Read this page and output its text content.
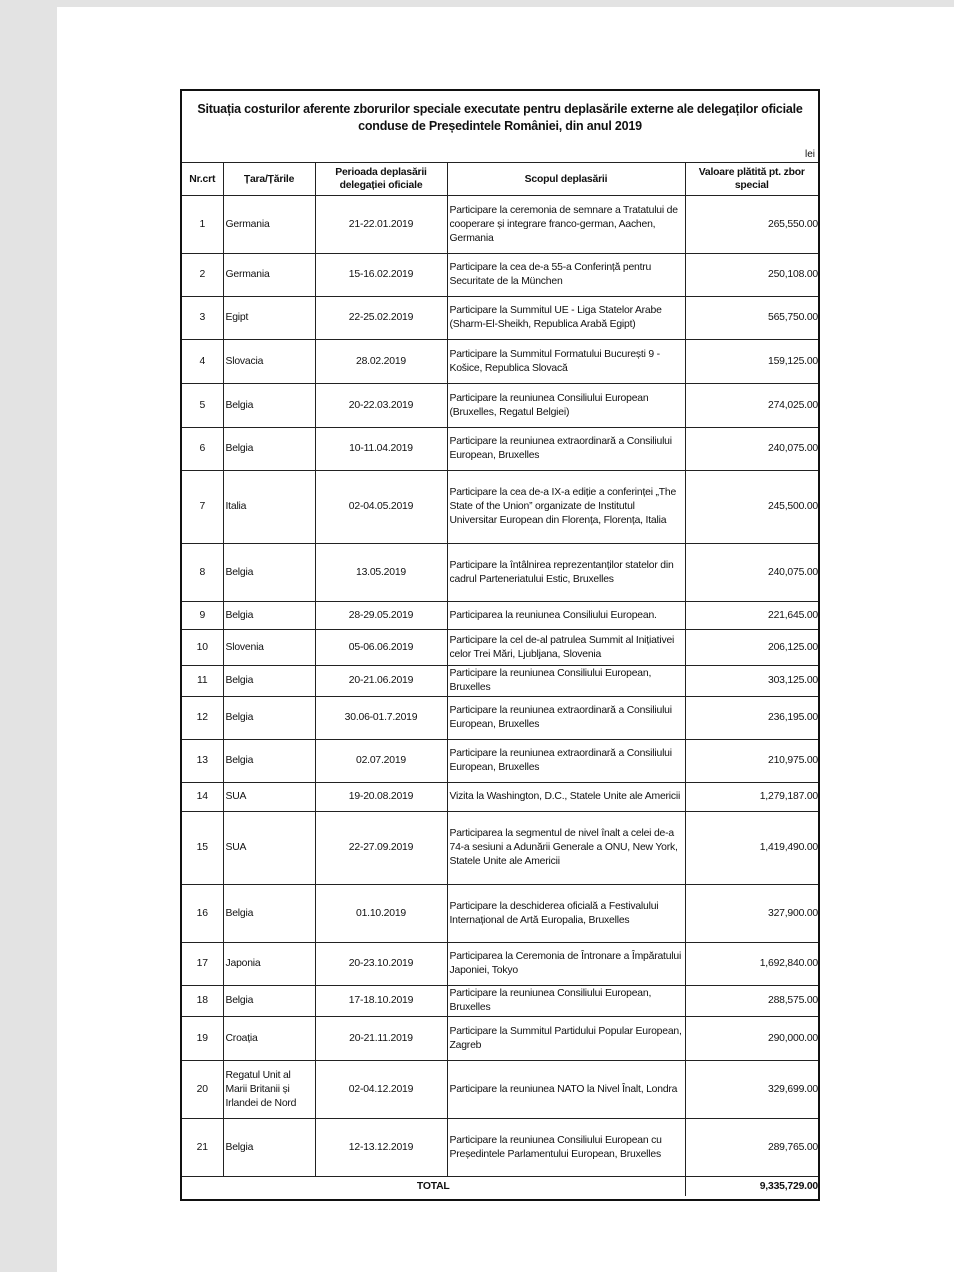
Situația costurilor aferente zborurilor speciale executate pentru deplasările externe ale delegaților oficiale conduse de Președintele României, din anul 2019
lei
Nr.crt	Țara/Țările	Perioada deplasării delegației oficiale	Scopul deplasării	Valoare plătită pt. zbor special
1	Germania	21-22.01.2019	Participare la ceremonia de semnare a Tratatului de cooperare și integrare franco-german, Aachen, Germania	265,550.00
2	Germania	15-16.02.2019	Participare la cea de-a 55-a Conferință pentru Securitate de la München	250,108.00
3	Egipt	22-25.02.2019	Participare la Summitul UE - Liga Statelor Arabe (Sharm-El-Sheikh, Republica Arabă Egipt)	565,750.00
4	Slovacia	28.02.2019	Participare la Summitul Formatului București 9 - Košice, Republica Slovacă	159,125.00
5	Belgia	20-22.03.2019	Participare la reuniunea Consiliului European (Bruxelles, Regatul Belgiei)	274,025.00
6	Belgia	10-11.04.2019	Participare la reuniunea extraordinară a Consiliului European, Bruxelles	240,075.00
7	Italia	02-04.05.2019	Participare la cea de-a IX-a ediție a conferinței „The State of the Union” organizate de Institutul Universitar European din Florența, Florența, Italia	245,500.00
8	Belgia	13.05.2019	Participare la întâlnirea reprezentanților statelor din cadrul Parteneriatului Estic, Bruxelles	240,075.00
9	Belgia	28-29.05.2019	Participarea la reuniunea Consiliului European.	221,645.00
10	Slovenia	05-06.06.2019	Participare la cel de-al patrulea Summit al Inițiativei celor Trei Mări, Ljubljana, Slovenia	206,125.00
11	Belgia	20-21.06.2019	Participare la reuniunea Consiliului European, Bruxelles	303,125.00
12	Belgia	30.06-01.7.2019	Participare la reuniunea extraordinară a Consiliului European, Bruxelles	236,195.00
13	Belgia	02.07.2019	Participare la reuniunea extraordinară a Consiliului European, Bruxelles	210,975.00
14	SUA	19-20.08.2019	Vizita la Washington, D.C., Statele Unite ale Americii	1,279,187.00
15	SUA	22-27.09.2019	Participarea la segmentul de nivel înalt a celei de-a 74-a sesiuni a Adunării Generale a ONU, New York, Statele Unite ale Americii	1,419,490.00
16	Belgia	01.10.2019	Participare la deschiderea oficială a Festivalului Internațional de Artă Europalia, Bruxelles	327,900.00
17	Japonia	20-23.10.2019	Participarea la Ceremonia de Întronare a Împăratului Japoniei, Tokyo	1,692,840.00
18	Belgia	17-18.10.2019	Participare la reuniunea Consiliului European, Bruxelles	288,575.00
19	Croația	20-21.11.2019	Participare la Summitul Partidului Popular European, Zagreb	290,000.00
20	Regatul Unit al Marii Britanii și Irlandei de Nord	02-04.12.2019	Participare la reuniunea NATO la Nivel Înalt, Londra	329,699.00
21	Belgia	12-13.12.2019	Participare la reuniunea Consiliului European cu Președintele Parlamentului European, Bruxelles	289,765.00
TOTAL				9,335,729.00
